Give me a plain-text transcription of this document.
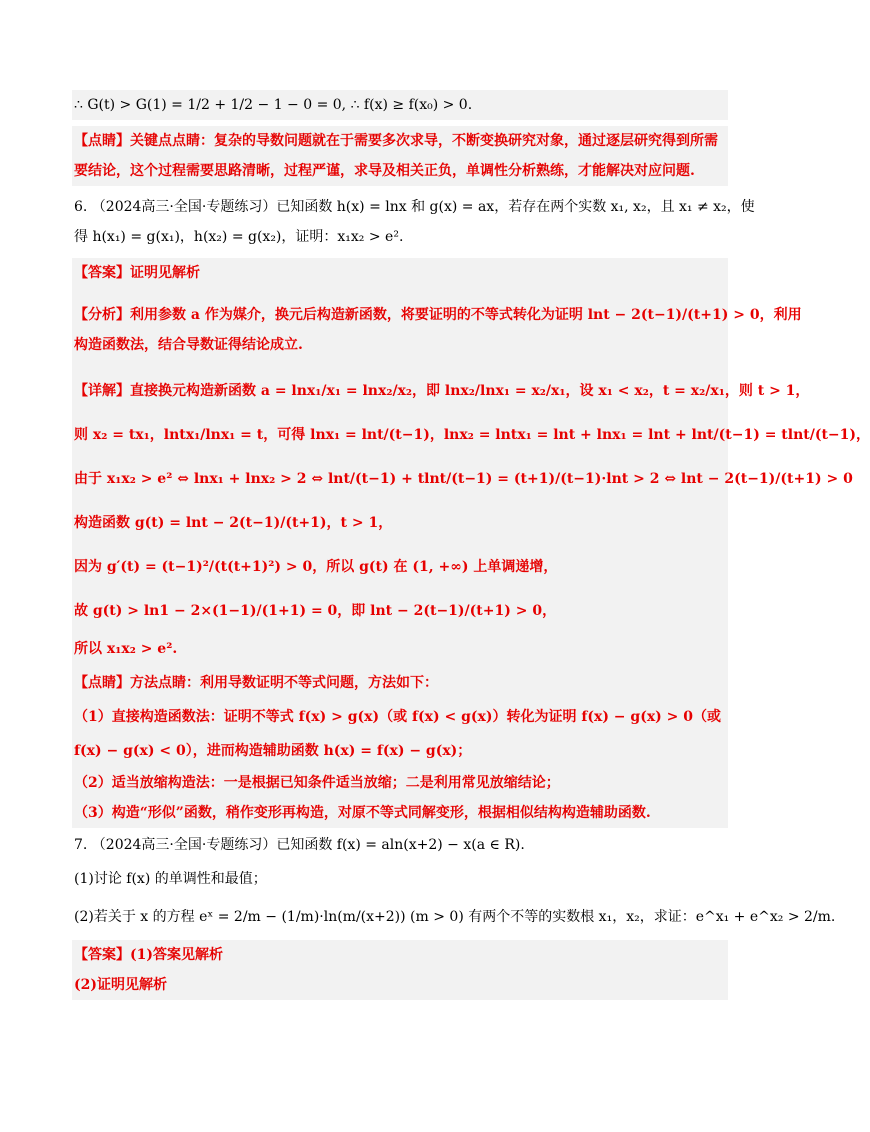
∴ G(t) > G(1) = 1/2 + 1/2 − 1 − 0 = 0, ∴ f(x) ≥ f(x₀) > 0.
【点睛】关键点点睛：复杂的导数问题就在于需要多次求导，不断变换研究对象，通过逐层研究得到所需
要结论，这个过程需要思路清晰，过程严谨，求导及相关正负，单调性分析熟练，才能解决对应问题.
6. （2024高三·全国·专题练习）已知函数 h(x) = lnx 和 g(x) = ax，若存在两个实数 x₁, x₂，且 x₁ ≠ x₂，使
得 h(x₁) = g(x₁)，h(x₂) = g(x₂)，证明：x₁x₂ > e².
【答案】证明见解析
【分析】利用参数 a 作为媒介，换元后构造新函数，将要证明的不等式转化为证明 lnt − 2(t−1)/(t+1) > 0，利用
构造函数法，结合导数证得结论成立.
【详解】直接换元构造新函数 a = lnx₁/x₁ = lnx₂/x₂，即 lnx₂/lnx₁ = x₂/x₁，设 x₁ < x₂，t = x₂/x₁，则 t > 1，
则 x₂ = tx₁，lntx₁/lnx₁ = t，可得 lnx₁ = lnt/(t−1)，lnx₂ = lntx₁ = lnt + lnx₁ = lnt + lnt/(t−1) = tlnt/(t−1)，
由于 x₁x₂ > e² ⇔ lnx₁ + lnx₂ > 2 ⇔ lnt/(t−1) + tlnt/(t−1) = (t+1)/(t−1)·lnt > 2 ⇔ lnt − 2(t−1)/(t+1) > 0
构造函数 g(t) = lnt − 2(t−1)/(t+1)，t > 1，
因为 g′(t) = (t−1)²/(t(t+1)²) > 0，所以 g(t) 在 (1, +∞) 上单调递增，
故 g(t) > ln1 − 2×(1−1)/(1+1) = 0，即 lnt − 2(t−1)/(t+1) > 0，
所以 x₁x₂ > e².
【点睛】方法点睛：利用导数证明不等式问题，方法如下：
（1）直接构造函数法：证明不等式 f(x) > g(x)（或 f(x) < g(x)）转化为证明 f(x) − g(x) > 0（或
f(x) − g(x) < 0），进而构造辅助函数 h(x) = f(x) − g(x)；
（2）适当放缩构造法：一是根据已知条件适当放缩；二是利用常见放缩结论；
（3）构造“形似”函数，稍作变形再构造，对原不等式同解变形，根据相似结构构造辅助函数.
7. （2024高三·全国·专题练习）已知函数 f(x) = aln(x+2) − x(a ∈ R).
(1)讨论 f(x) 的单调性和最值；
(2)若关于 x 的方程 eˣ = 2/m − (1/m)·ln(m/(x+2)) (m > 0) 有两个不等的实数根 x₁，x₂，求证：e^x₁ + e^x₂ > 2/m.
【答案】(1)答案见解析
(2)证明见解析
